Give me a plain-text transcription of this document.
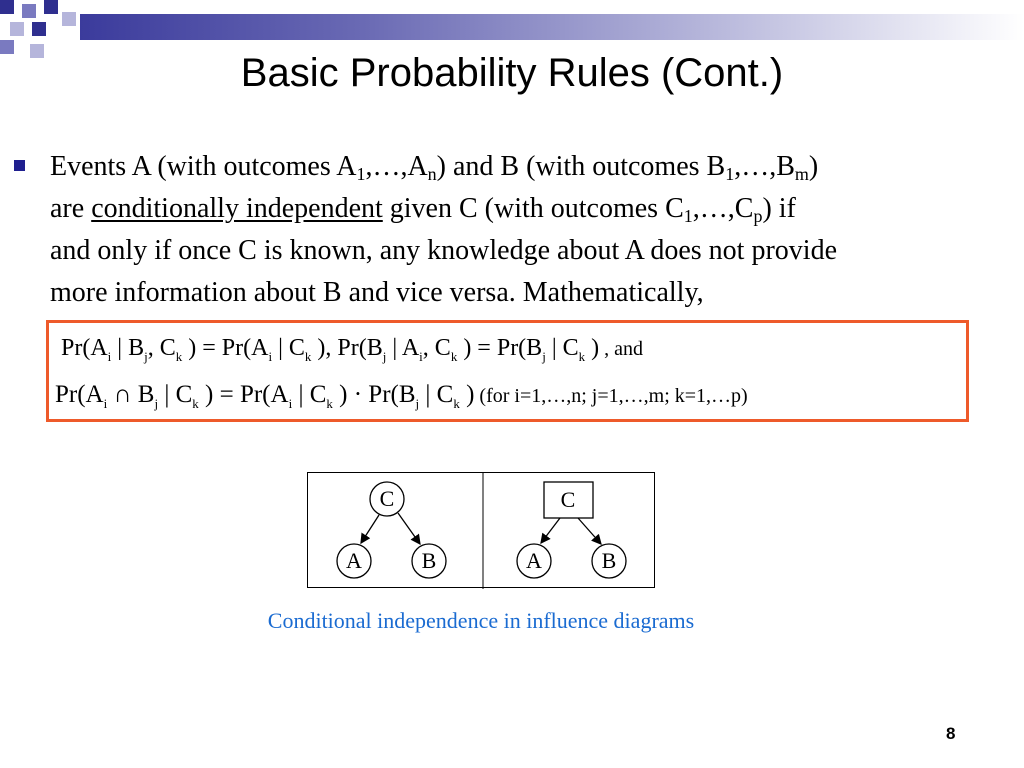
Basic Probability Rules (Cont.)
Events A (with outcomes $A_1,\dots,A_n$) and B (with outcomes $B_1,\dots,B_m$)
are conditionally independent given C (with outcomes $C_1,\dots,C_p$) if
and only if once C is known, any knowledge about A does not provide
more information about B and vice versa. Mathematically,
$Pr(A_i$ | $B_j$, $C_k$ ) = $Pr(A_i$ | $C_k$ ), $Pr(B_j$ | $A_i$, $C_k$ ) = $Pr(B_j$ | $C_k$ ) , and
$Pr(A_i$ ∩ $B_j$ | $C_k$ ) = $Pr(A_i$ | $C_k$ ) · $Pr(B_j$ | $C_k$ ) (for i=1,…,n; j=1,…,m; k=1,…p)
C
A	B
C
A	B
Conditional independence in influence diagrams
8
